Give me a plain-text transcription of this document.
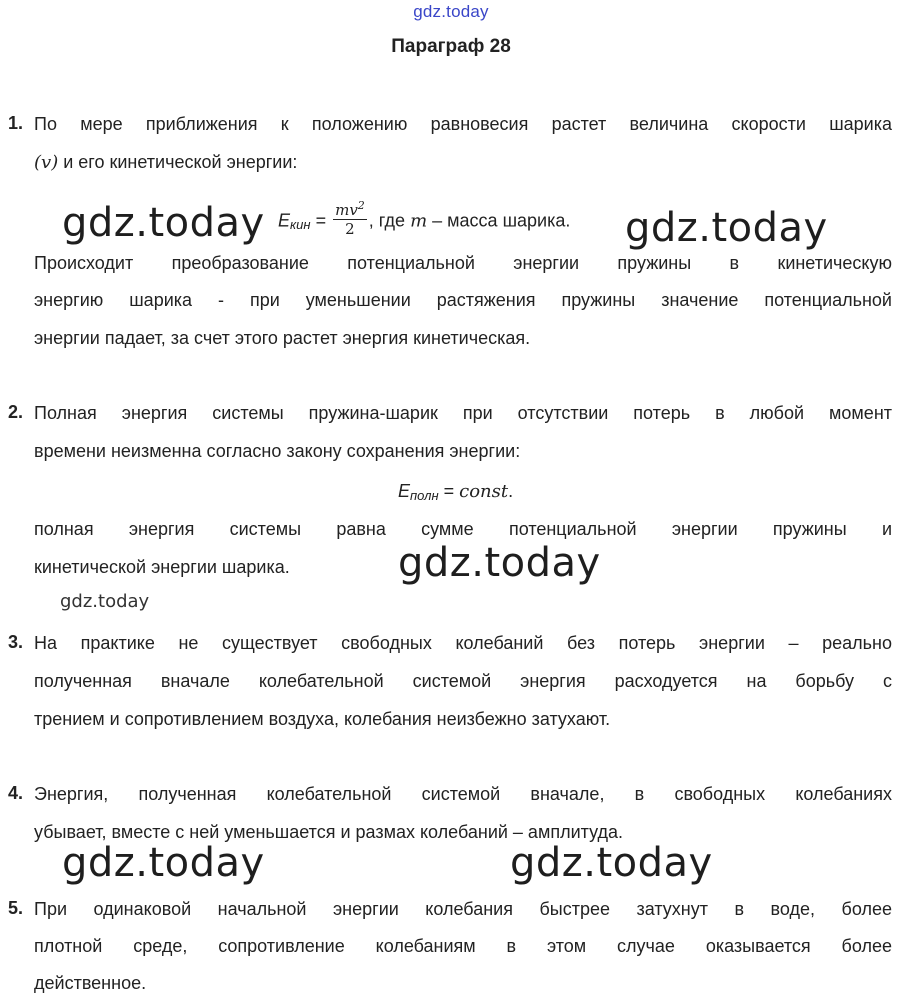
gdz.today
Параграф 28
1. По мере приближения к положению равновесия растет величина скорости шарика
(v) и его кинетической энергии:
Eкин = $\frac{mv^2}{2}$ , где m – масса шарика.
Происходит преобразование потенциальной энергии пружины в кинетическую
энергию шарика - при уменьшении растяжения пружины значение потенциальной
энергии падает, за счет этого растет энергия кинетическая.
2. Полная энергия системы пружина-шарик при отсутствии потерь в любой момент
времени неизменна согласно закону сохранения энергии:
Eполн = const.
полная энергия системы равна сумме потенциальной энергии пружины и
кинетической энергии шарика.
3. На практике не существует свободных колебаний без потерь энергии – реально
полученная вначале колебательной системой энергия расходуется на борьбу с
трением и сопротивлением воздуха, колебания неизбежно затухают.
4. Энергия, полученная колебательной системой вначале, в свободных колебаниях
убывает, вместе с ней уменьшается и размах колебаний – амплитуда.
5. При одинаковой начальной энергии колебания быстрее затухнут в воде, более
плотной среде, сопротивление колебаниям в этом случае оказывается более
действенное.
gdz.today	gdz.today
gdz.today
gdz.today
gdz.today	gdz.today
